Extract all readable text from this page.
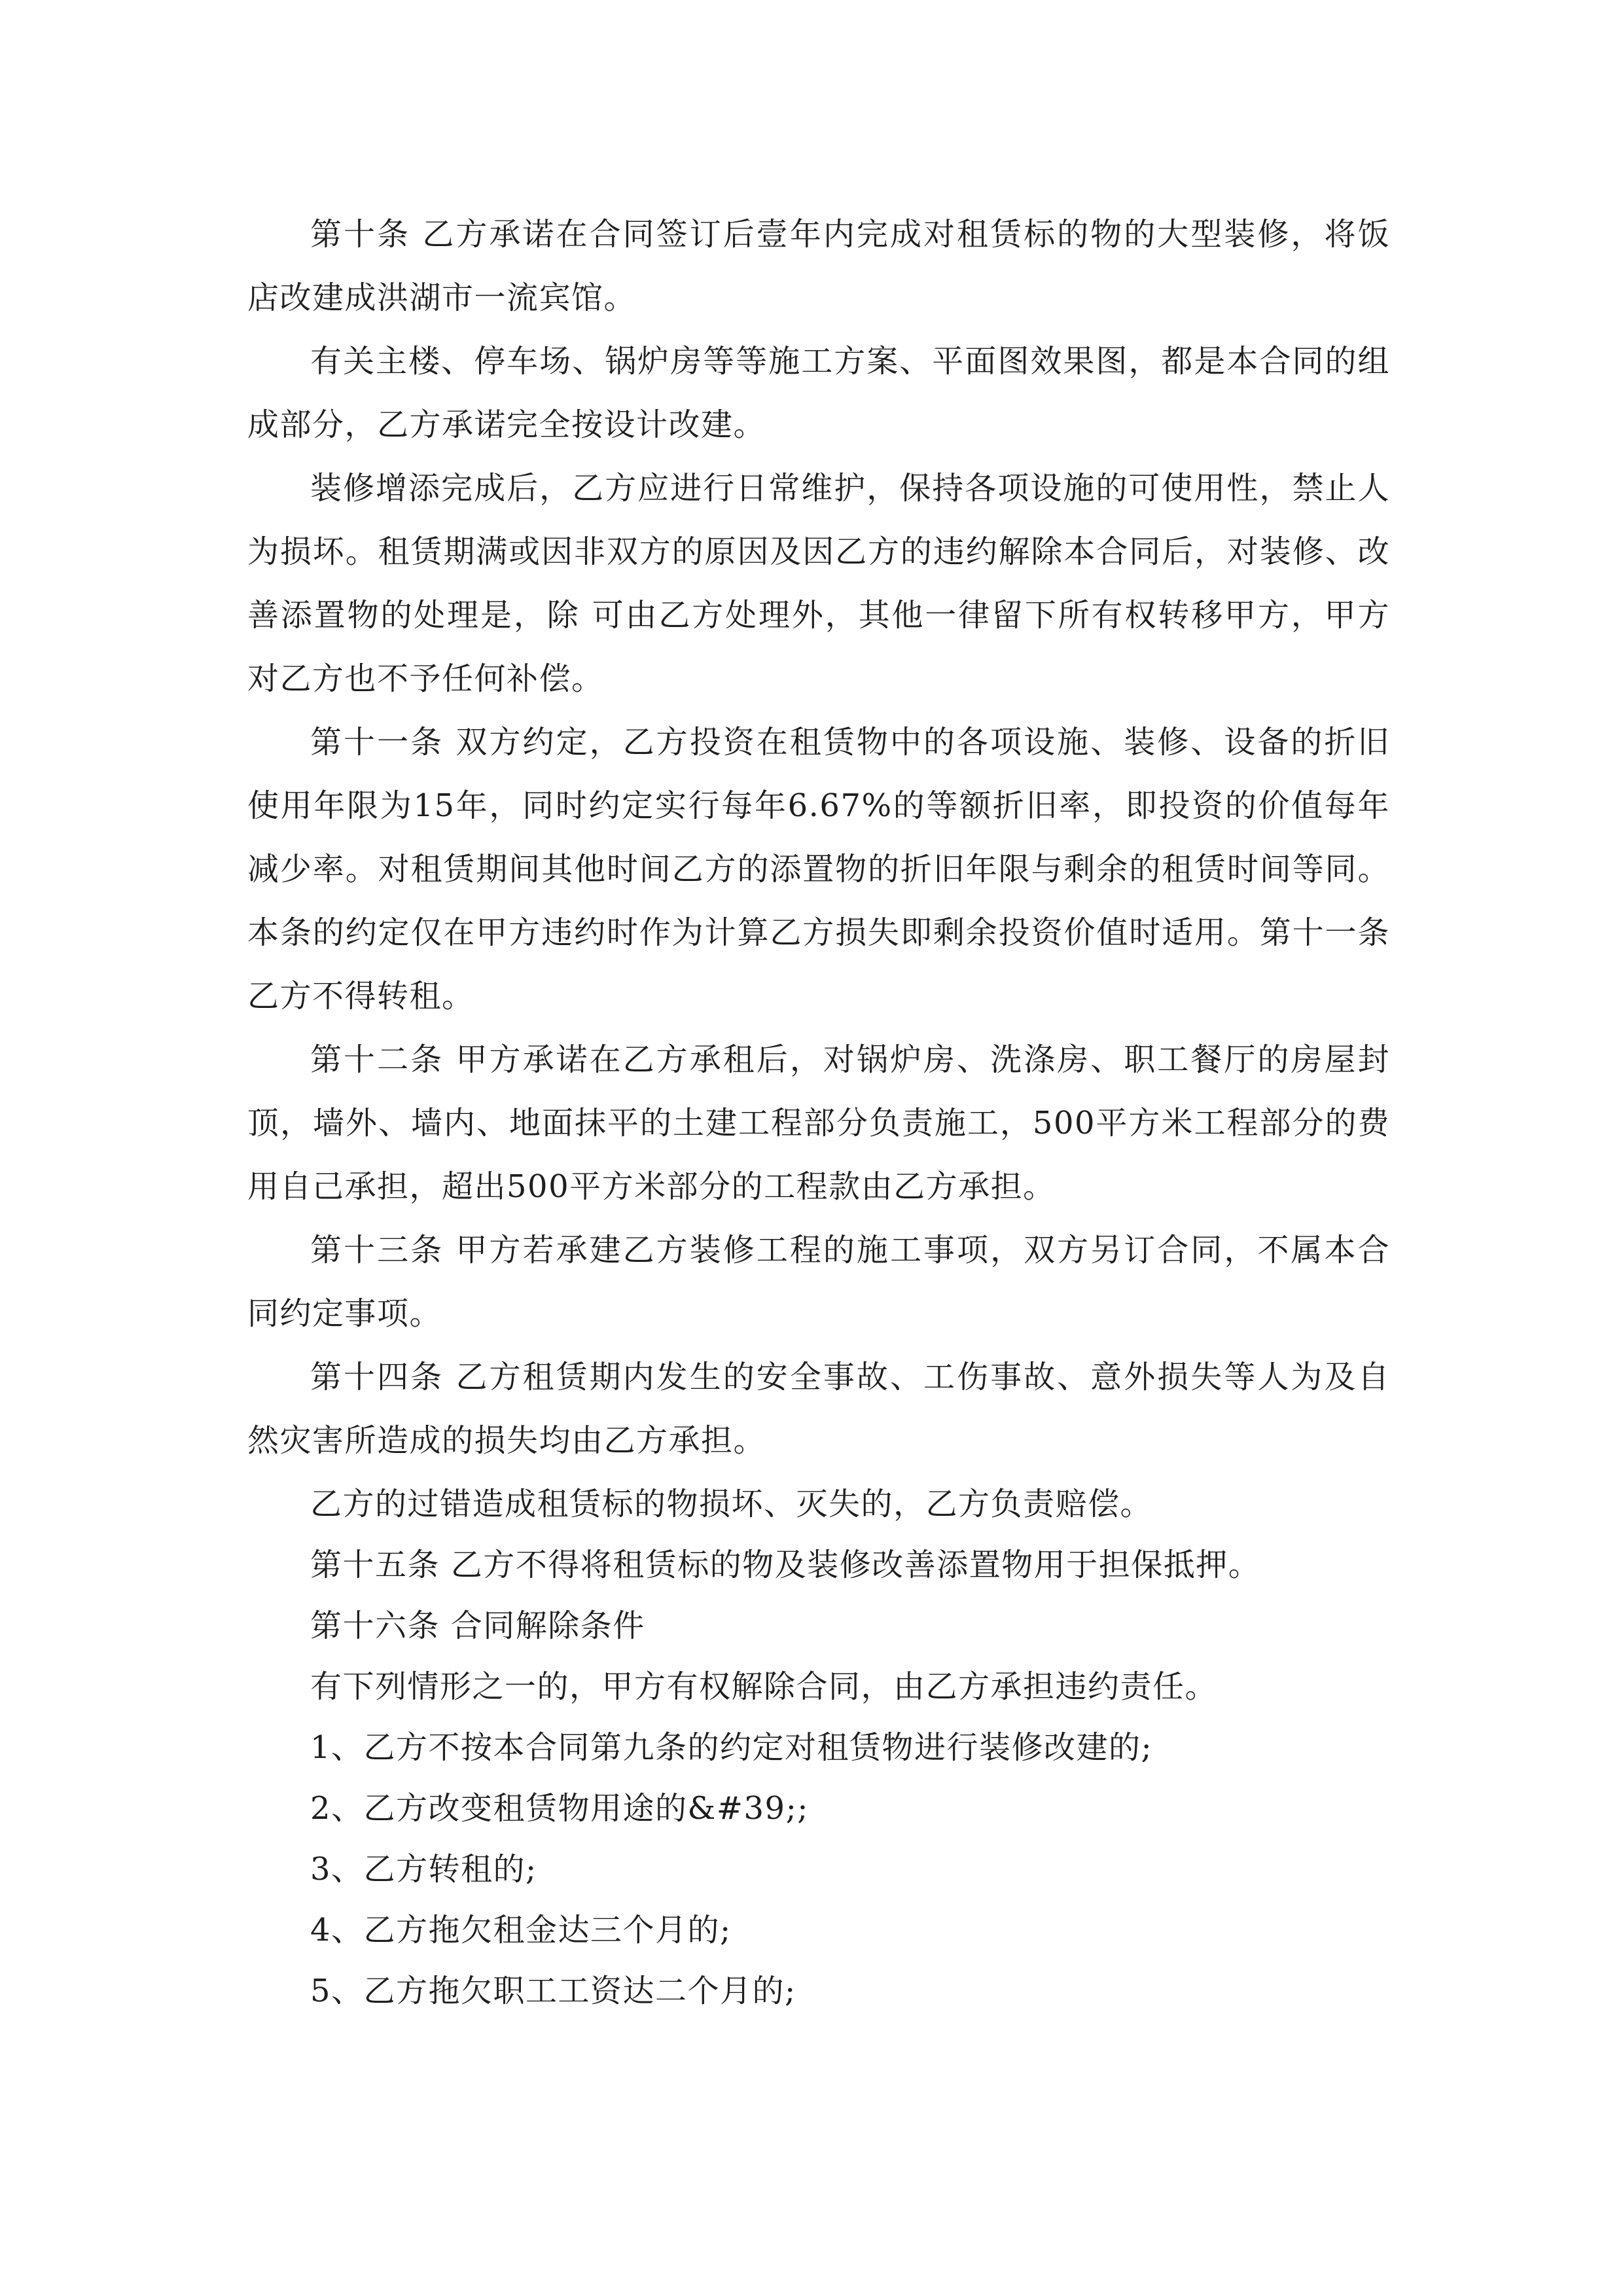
第十条 乙方承诺在合同签订后壹年内完成对租赁标的物的大型装修，将饭店改建成洪湖市一流宾馆。

有关主楼、停车场、锅炉房等等施工方案、平面图效果图，都是本合同的组成部分，乙方承诺完全按设计改建。

装修增添完成后，乙方应进行日常维护，保持各项设施的可使用性，禁止人为损坏。租赁期满或因非双方的原因及因乙方的违约解除本合同后，对装修、改善添置物的处理是，除 可由乙方处理外，其他一律留下所有权转移甲方，甲方对乙方也不予任何补偿。

第十一条 双方约定，乙方投资在租赁物中的各项设施、装修、设备的折旧使用年限为15年，同时约定实行每年6.67%的等额折旧率，即投资的价值每年减少率。对租赁期间其他时间乙方的添置物的折旧年限与剩余的租赁时间等同。本条的约定仅在甲方违约时作为计算乙方损失即剩余投资价值时适用。第十一条 乙方不得转租。

第十二条 甲方承诺在乙方承租后，对锅炉房、洗涤房、职工餐厅的房屋封顶，墙外、墙内、地面抹平的土建工程部分负责施工，500平方米工程部分的费用自己承担，超出500平方米部分的工程款由乙方承担。

第十三条 甲方若承建乙方装修工程的施工事项，双方另订合同，不属本合同约定事项。

第十四条 乙方租赁期内发生的安全事故、工伤事故、意外损失等人为及自然灾害所造成的损失均由乙方承担。

乙方的过错造成租赁标的物损坏、灭失的，乙方负责赔偿。

第十五条 乙方不得将租赁标的物及装修改善添置物用于担保抵押。

第十六条 合同解除条件

有下列情形之一的，甲方有权解除合同，由乙方承担违约责任。

1、乙方不按本合同第九条的约定对租赁物进行装修改建的;

2、乙方改变租赁物用途的&#39;;

3、乙方转租的;

4、乙方拖欠租金达三个月的;

5、乙方拖欠职工工资达二个月的;
